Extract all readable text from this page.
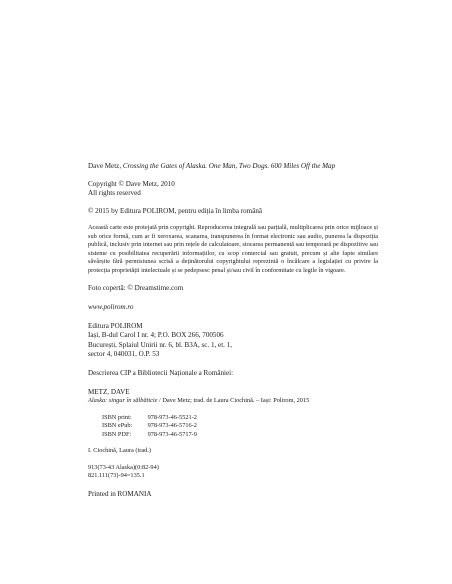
Dave Metz, Crossing the Gates of Alaska. One Man, Two Dogs. 600 Miles Off the Map

Copyright © Dave Metz, 2010

All rights reserved

© 2015 by Editura POLIROM, pentru ediția în limba română

Această carte este protejată prin copyright. Reproducerea integrală sau parțială, multiplicarea prin orice mijloace și sub orice formă, cum ar fi xeroxarea, scanarea, transpunerea în format electronic sau audio, punerea la dispoziția publică, inclusiv prin internet sau prin rețele de calculatoare, stocarea permanentă sau temporară pe dispozitive sau sisteme cu posibilitatea recuperării informațiilor, cu scop comercial sau gratuit, precum și alte fapte similare săvârșite fără permisiunea scrisă a deținătorului copyrightului reprezintă o încălcare a legislației cu privire la protecția proprietății intelectuale și se pedepsesc penal și/sau civil în conformitate cu legile în vigoare.

Foto copertă: © Dreamstime.com

www.polirom.ro

Editura POLIROM

Iași, B-dul Carol I nr. 4; P.O. BOX 266, 700506

București, Splaiul Unirii nr. 6, bl. B3A, sc. 1, et. 1,

sector 4, 040031, O.P. 53

Descrierea CIP a Bibliotecii Naționale a României:

METZ, DAVE

Alaska: singur în sălbăticie / Dave Metz; trad. de Laura Ciochină. – Iași: Polirom, 2015

ISBN print:	978-973-46-5521-2
ISBN ePub: 978-973-46-5716-2
ISBN PDF:	978-973-46-5717-9

I. Ciochină, Laura (trad.)

913(73-43 Alaska)(0:82-94)

821.111(73)-94=135.1

Printed in ROMANIA
